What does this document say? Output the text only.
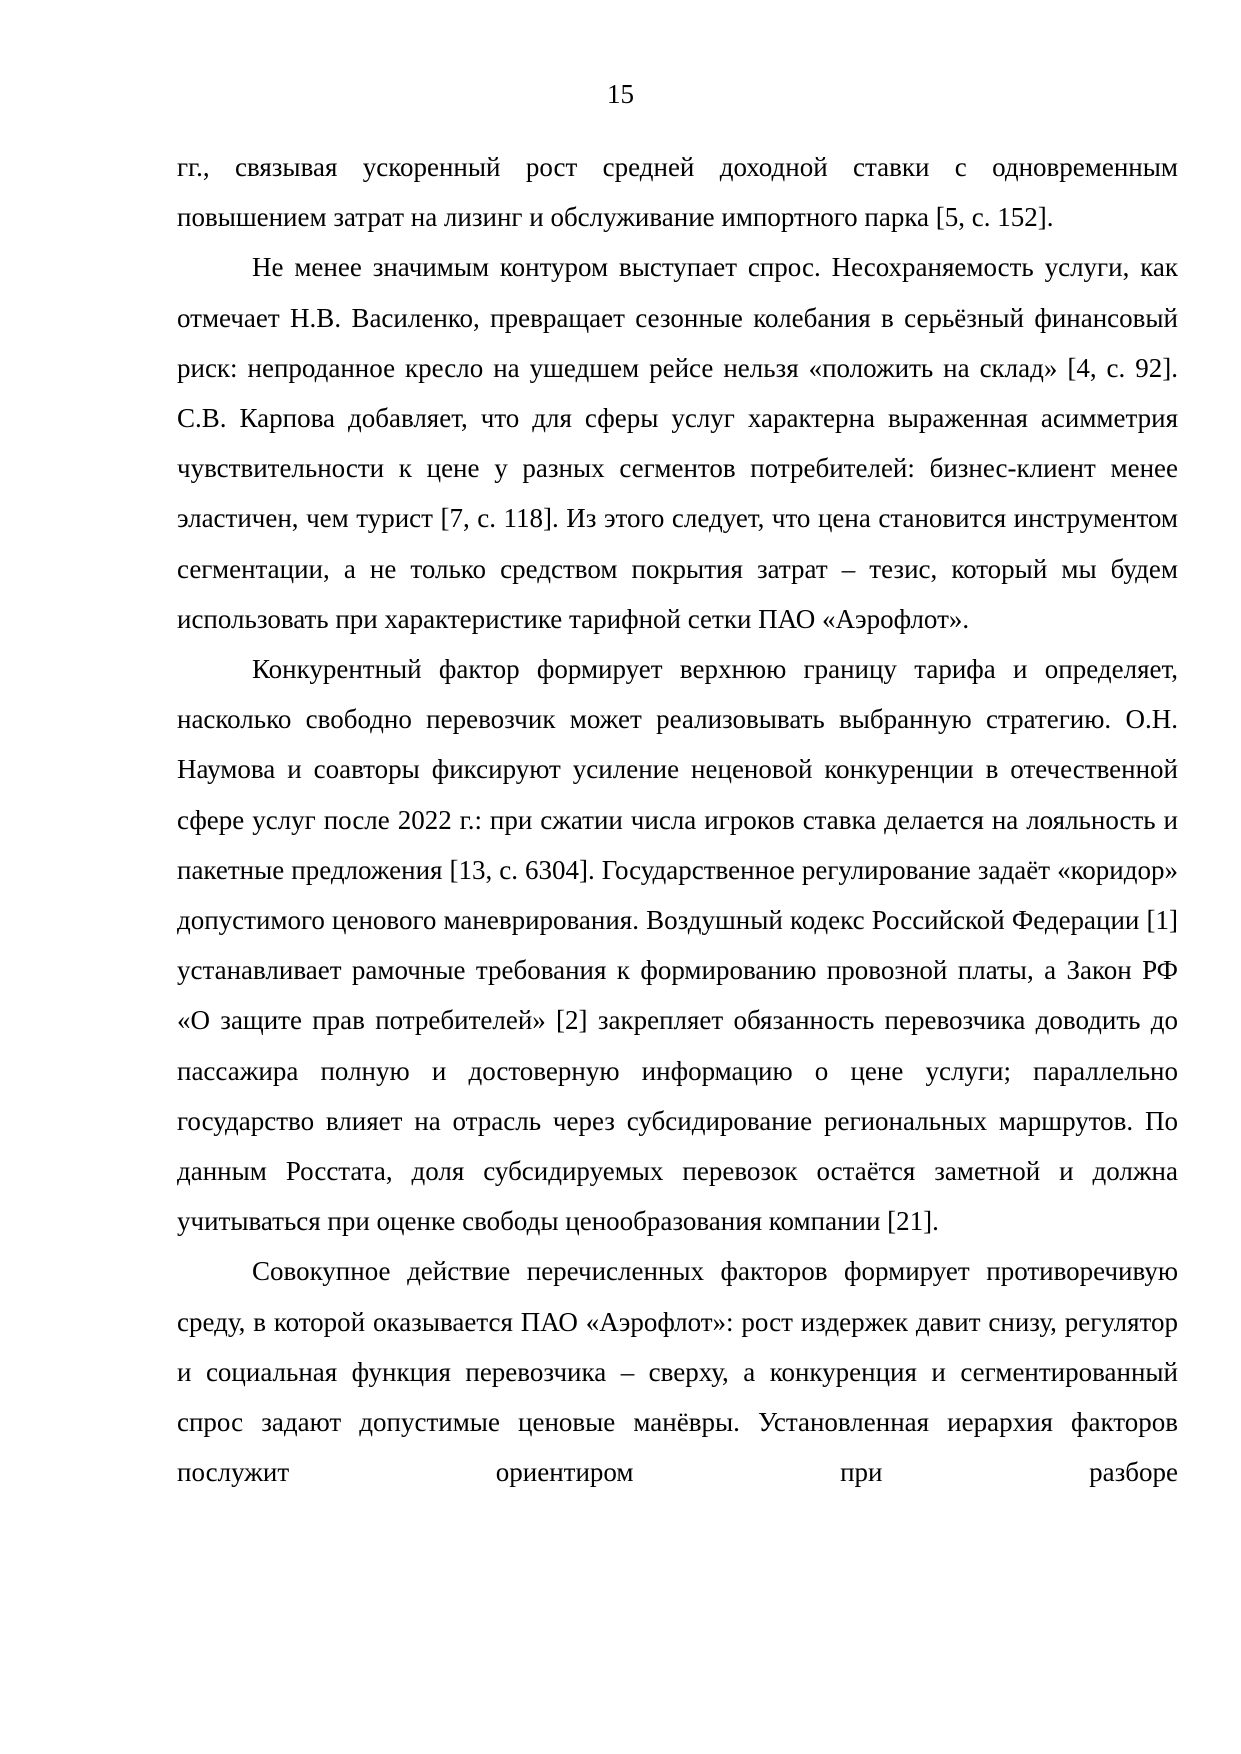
15

гг., связывая ускоренный рост средней доходной ставки с одновременным повышением затрат на лизинг и обслуживание импортного парка [5, с. 152].

Не менее значимым контуром выступает спрос. Несохраняемость услуги, как отмечает Н.В. Василенко, превращает сезонные колебания в серьёзный финансовый риск: непроданное кресло на ушедшем рейсе нельзя «положить на склад» [4, с. 92]. С.В. Карпова добавляет, что для сферы услуг характерна выраженная асимметрия чувствительности к цене у разных сегментов потребителей: бизнес-клиент менее эластичен, чем турист [7, с. 118]. Из этого следует, что цена становится инструментом сегментации, а не только средством покрытия затрат – тезис, который мы будем использовать при характеристике тарифной сетки ПАО «Аэрофлот».

Конкурентный фактор формирует верхнюю границу тарифа и определяет, насколько свободно перевозчик может реализовывать выбранную стратегию. О.Н. Наумова и соавторы фиксируют усиление неценовой конкуренции в отечественной сфере услуг после 2022 г.: при сжатии числа игроков ставка делается на лояльность и пакетные предложения [13, с. 6304]. Государственное регулирование задаёт «коридор» допустимого ценового маневрирования. Воздушный кодекс Российской Федерации [1] устанавливает рамочные требования к формированию провозной платы, а Закон РФ «О защите прав потребителей» [2] закрепляет обязанность перевозчика доводить до пассажира полную и достоверную информацию о цене услуги; параллельно государство влияет на отрасль через субсидирование региональных маршрутов. По данным Росстата, доля субсидируемых перевозок остаётся заметной и должна учитываться при оценке свободы ценообразования компании [21].

Совокупное действие перечисленных факторов формирует противоречивую среду, в которой оказывается ПАО «Аэрофлот»: рост издержек давит снизу, регулятор и социальная функция перевозчика – сверху, а конкуренция и сегментированный спрос задают допустимые ценовые манёвры. Установленная иерархия факторов послужит ориентиром при разборе
